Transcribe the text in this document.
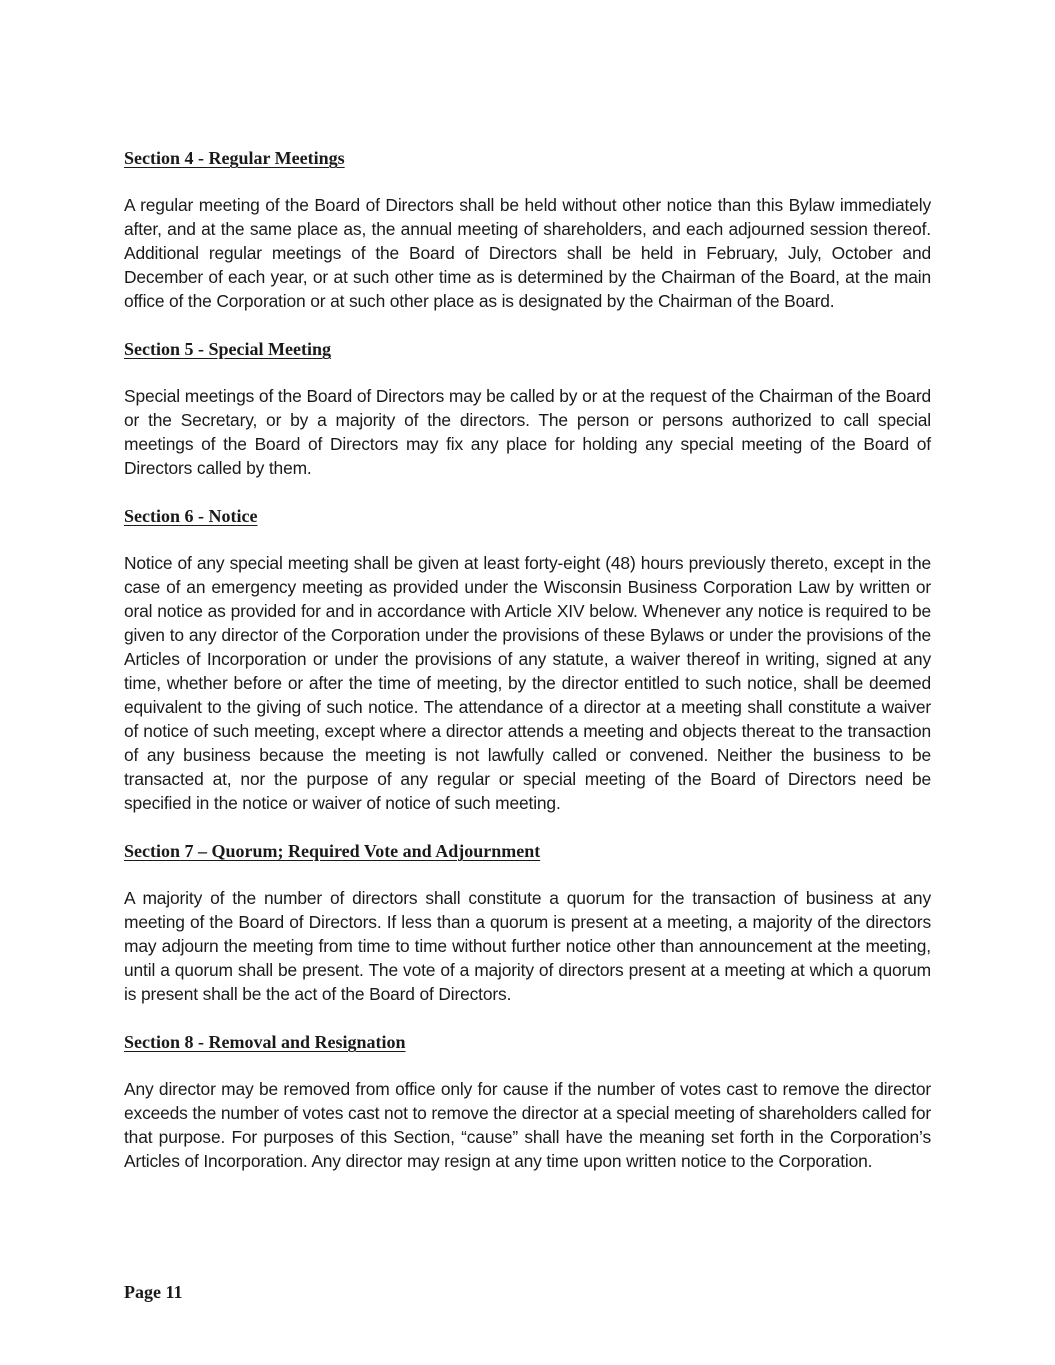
Section 4 - Regular Meetings
A regular meeting of the Board of Directors shall be held without other notice than this Bylaw immediately after, and at the same place as, the annual meeting of shareholders, and each adjourned session thereof. Additional regular meetings of the Board of Directors shall be held in February, July, October and December of each year, or at such other time as is determined by the Chairman of the Board, at the main office of the Corporation or at such other place as is designated by the Chairman of the Board.
Section 5 - Special Meeting
Special meetings of the Board of Directors may be called by or at the request of the Chairman of the Board or the Secretary, or by a majority of the directors. The person or persons authorized to call special meetings of the Board of Directors may fix any place for holding any special meeting of the Board of Directors called by them.
Section 6 - Notice
Notice of any special meeting shall be given at least forty-eight (48) hours previously thereto, except in the case of an emergency meeting as provided under the Wisconsin Business Corporation Law by written or oral notice as provided for and in accordance with Article XIV below. Whenever any notice is required to be given to any director of the Corporation under the provisions of these Bylaws or under the provisions of the Articles of Incorporation or under the provisions of any statute, a waiver thereof in writing, signed at any time, whether before or after the time of meeting, by the director entitled to such notice, shall be deemed equivalent to the giving of such notice. The attendance of a director at a meeting shall constitute a waiver of notice of such meeting, except where a director attends a meeting and objects thereat to the transaction of any business because the meeting is not lawfully called or convened. Neither the business to be transacted at, nor the purpose of any regular or special meeting of the Board of Directors need be specified in the notice or waiver of notice of such meeting.
Section 7 – Quorum; Required Vote and Adjournment
A majority of the number of directors shall constitute a quorum for the transaction of business at any meeting of the Board of Directors. If less than a quorum is present at a meeting, a majority of the directors may adjourn the meeting from time to time without further notice other than announcement at the meeting, until a quorum shall be present. The vote of a majority of directors present at a meeting at which a quorum is present shall be the act of the Board of Directors.
Section 8 - Removal and Resignation
Any director may be removed from office only for cause if the number of votes cast to remove the director exceeds the number of votes cast not to remove the director at a special meeting of shareholders called for that purpose. For purposes of this Section, “cause” shall have the meaning set forth in the Corporation’s Articles of Incorporation. Any director may resign at any time upon written notice to the Corporation.
Page 11
